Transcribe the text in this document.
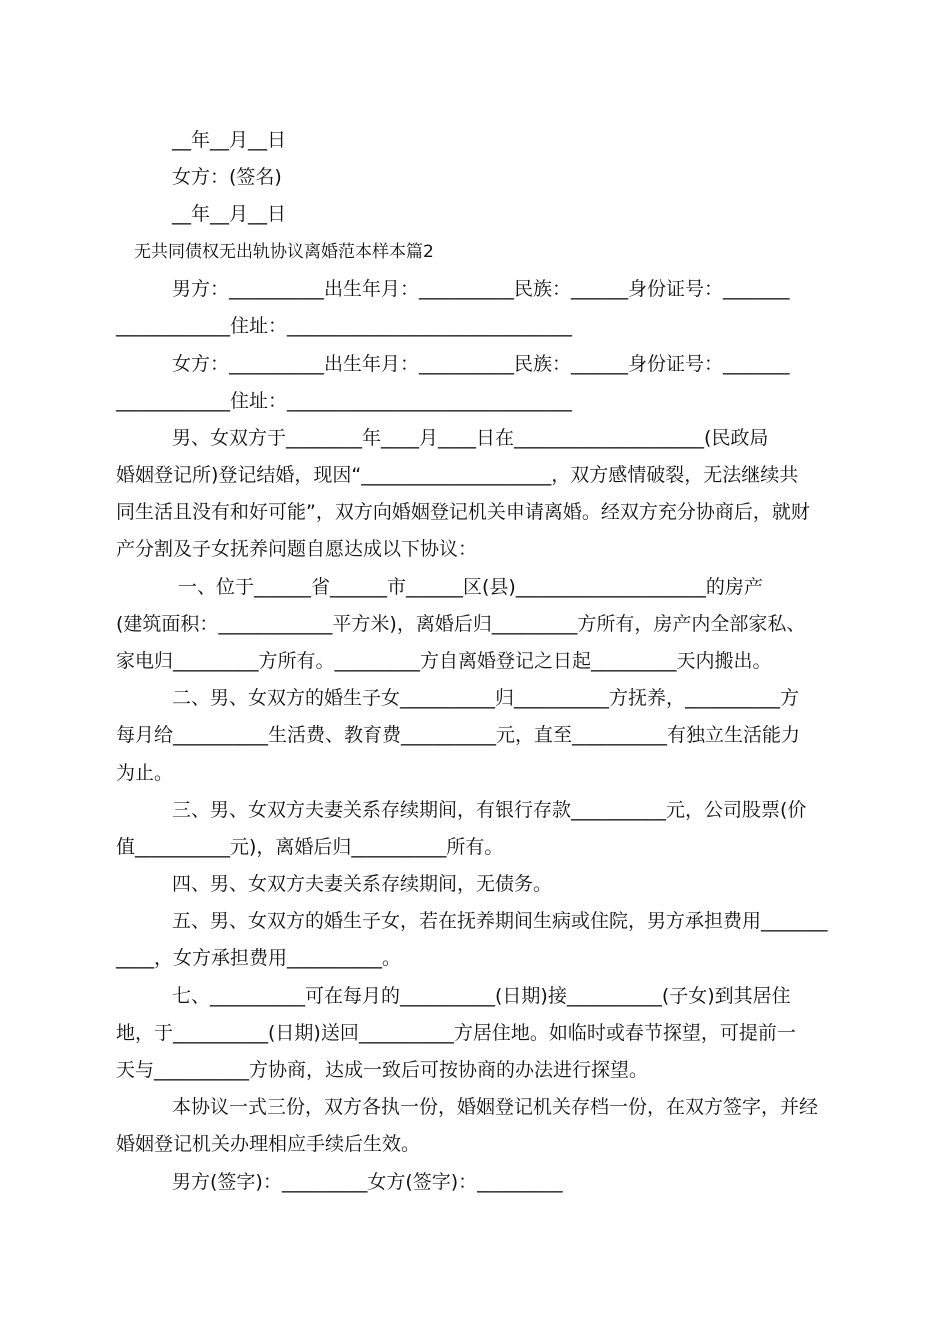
__年__月__日
女方：(签名)
__年__月__日
无共同债权无出轨协议离婚范本样本篇2
男方：__________出生年月：__________民族：______身份证号：_______
____________住址：______________________________
女方：__________出生年月：__________民族：______身份证号：_______
____________住址：______________________________
男、女双方于________年____月____日在____________________(民政局
婚姻登记所)登记结婚，现因“____________________，双方感情破裂，无法继续共
同生活且没有和好可能”，双方向婚姻登记机关申请离婚。经双方充分协商后，就财
产分割及子女抚养问题自愿达成以下协议：
一、位于______省______市______区(县)____________________的房产
(建筑面积：____________平方米)，离婚后归_________方所有，房产内全部家私、
家电归_________方所有。_________方自离婚登记之日起_________天内搬出。
二、男、女双方的婚生子女__________归__________方抚养，__________方
每月给__________生活费、教育费__________元，直至__________有独立生活能力
为止。
三、男、女双方夫妻关系存续期间，有银行存款__________元，公司股票(价
值__________元)，离婚后归__________所有。
四、男、女双方夫妻关系存续期间，无债务。
五、男、女双方的婚生子女，若在抚养期间生病或住院，男方承担费用_______
____，女方承担费用__________。
七、__________可在每月的__________(日期)接__________(子女)到其居住
地，于__________(日期)送回__________方居住地。如临时或春节探望，可提前一
天与__________方协商，达成一致后可按协商的办法进行探望。
本协议一式三份，双方各执一份，婚姻登记机关存档一份，在双方签字，并经
婚姻登记机关办理相应手续后生效。
男方(签字)：_________女方(签字)：_________
